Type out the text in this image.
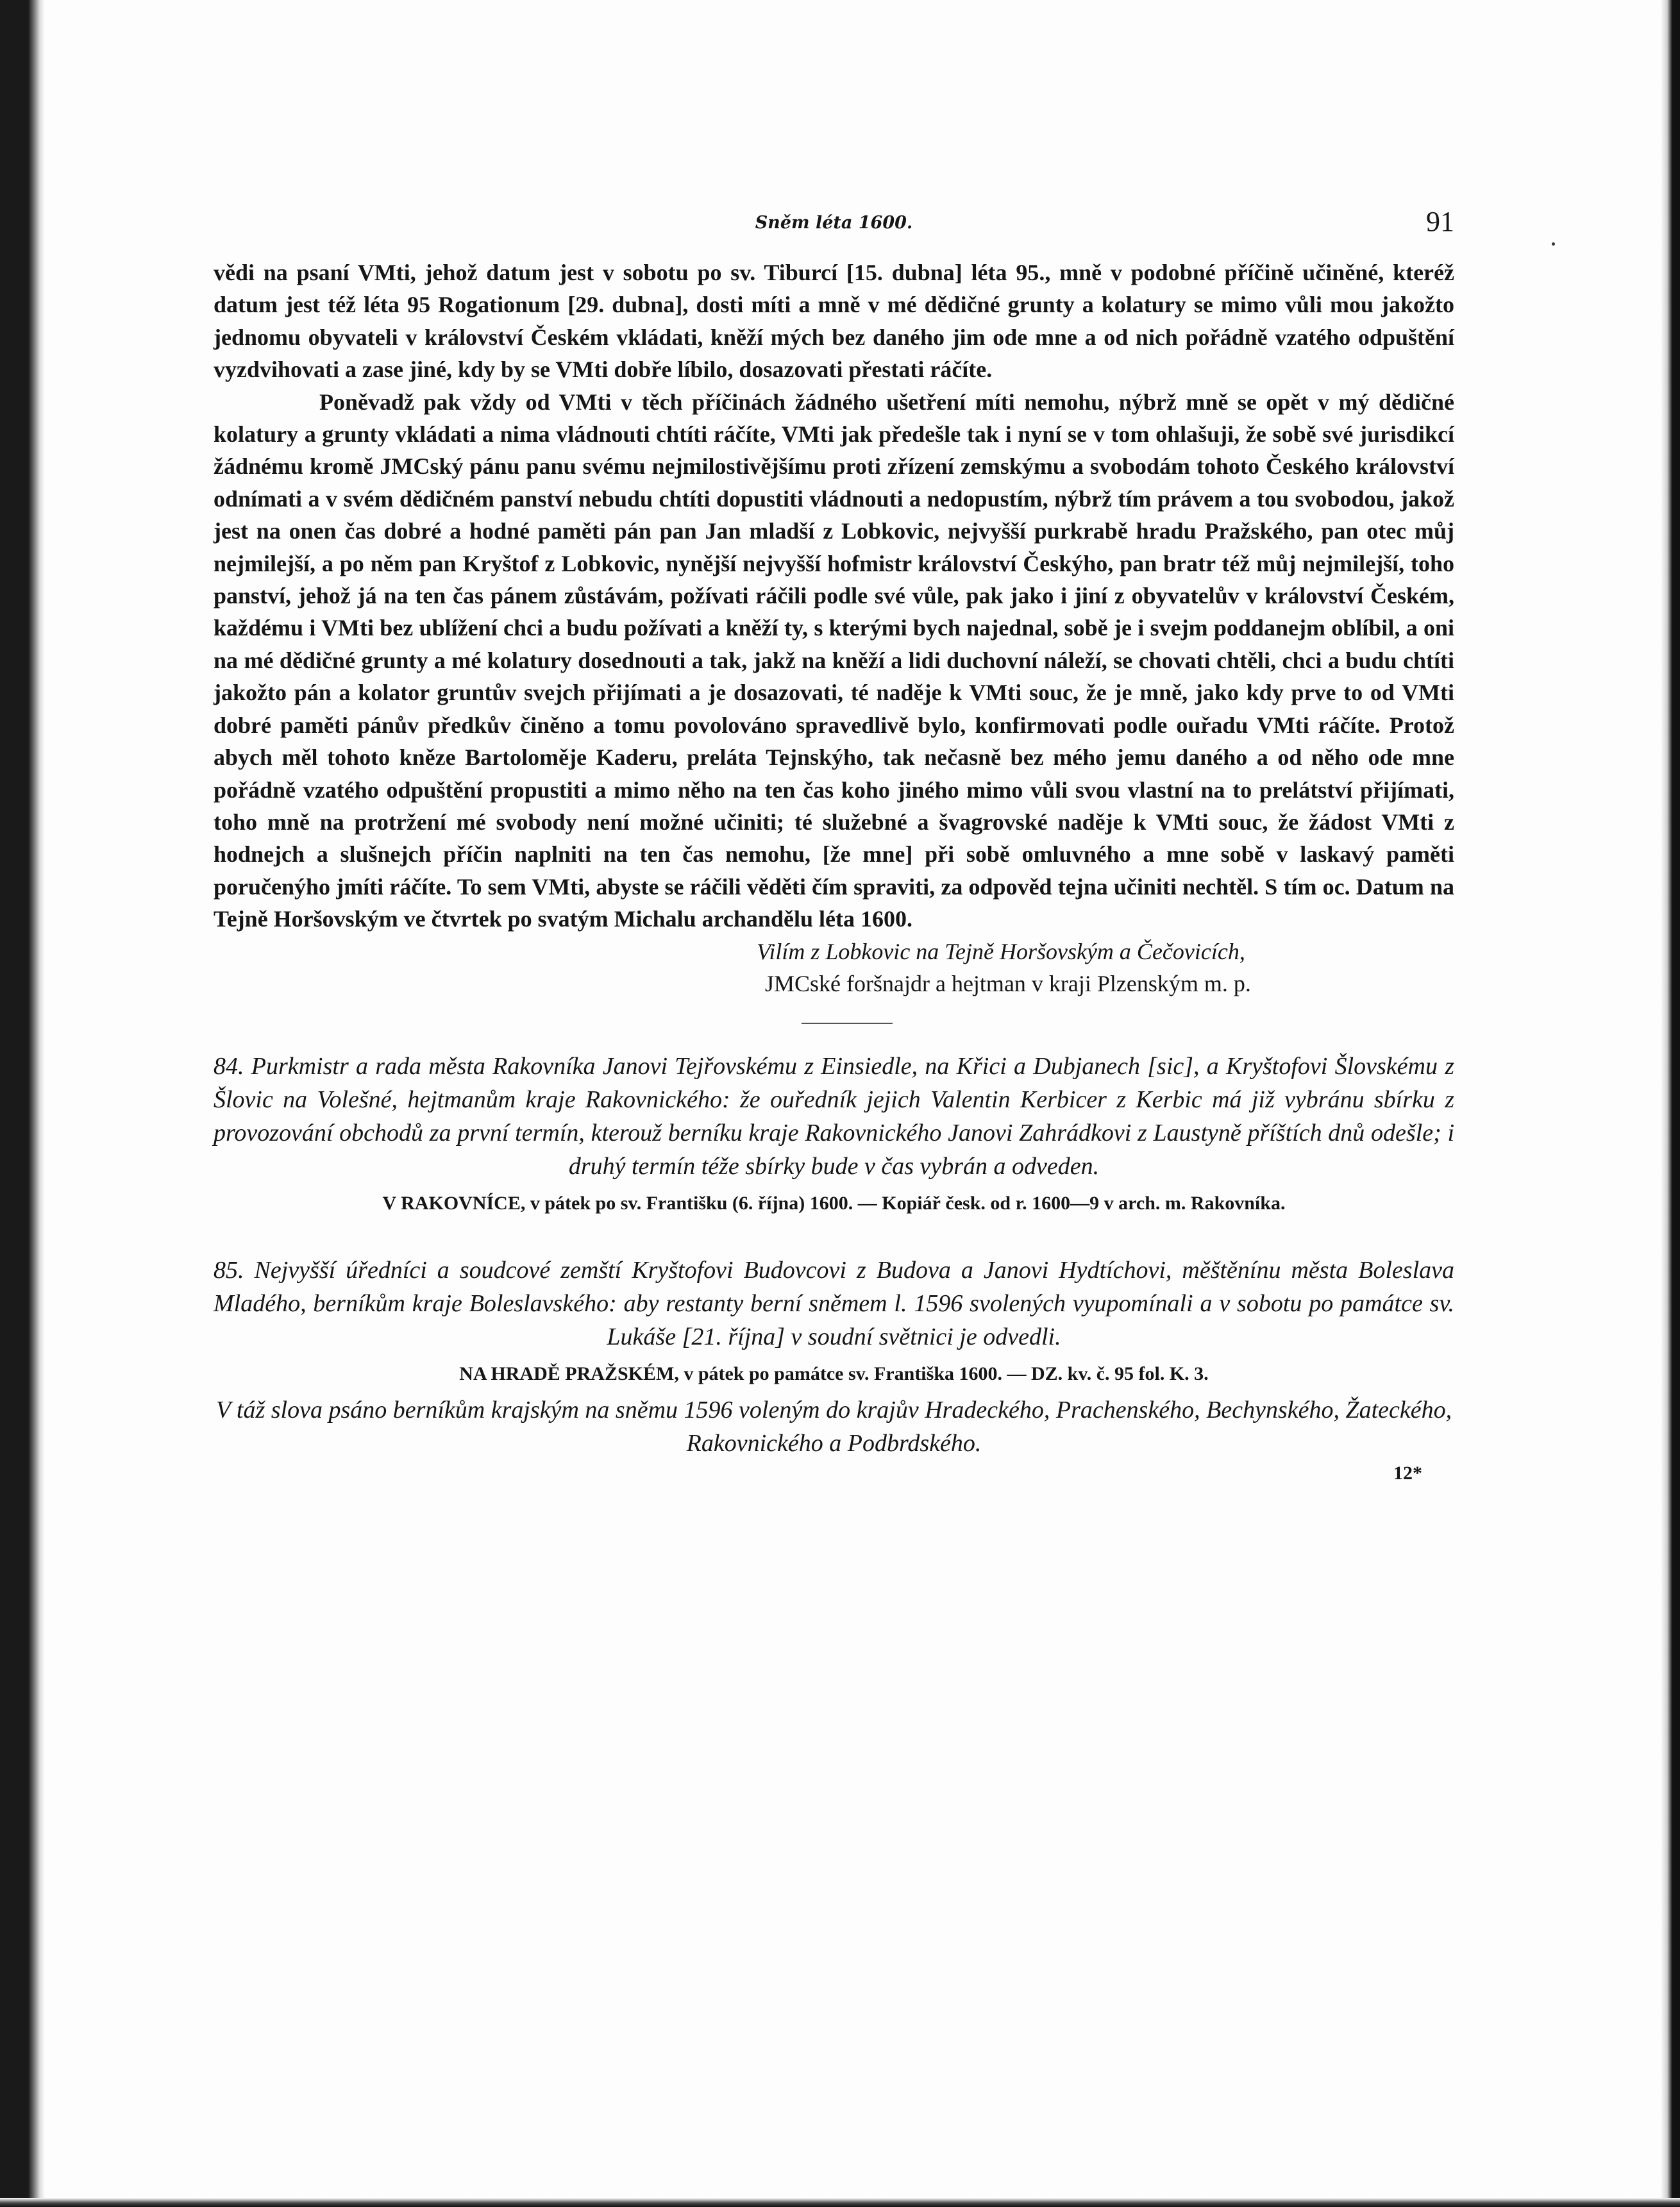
Sněm léta 1600.	91

vědi na psaní VMti, jehož datum jest v sobotu po sv. Tiburcí [15. dubna] léta 95., mně v podobné příčině učiněné, kteréž datum jest též léta 95 Rogationum [29. dubna], dosti míti a mně v mé dědičné grunty a kolatury se mimo vůli mou jakožto jednomu obyvateli v království Českém vkládati, kněží mých bez daného jim ode mne a od nich pořádně vzatého odpuštění vyzdvihovati a zase jiné, kdy by se VMti dobře líbilo, dosazovati přestati ráčíte.

Poněvadž pak vždy od VMti v těch příčinách žádného ušetření míti nemohu, nýbrž mně se opět v mý dědičné kolatury a grunty vkládati a nima vládnouti chtíti ráčíte, VMti jak předešle tak i nyní se v tom ohlašuji, že sobě své jurisdikcí žádnému kromě JMCský pánu panu svému nejmilostivějšímu proti zřízení zemskýmu a svobodám tohoto Českého království odnímati a v svém dědičném panství nebudu chtíti dopustiti vládnouti a nedopustím, nýbrž tím právem a tou svobodou, jakož jest na onen čas dobré a hodné paměti pán pan Jan mladší z Lobkovic, nejvyšší purkrabě hradu Pražského, pan otec můj nejmilejší, a po něm pan Kryštof z Lobkovic, nynější nejvyšší hofmistr království Českýho, pan bratr též můj nejmilejší, toho panství, jehož já na ten čas pánem zůstávám, požívati ráčili podle své vůle, pak jako i jiní z obyvatelův v království Českém, každému i VMti bez ublížení chci a budu požívati a kněží ty, s kterými bych najednal, sobě je i svejm poddanejm oblíbil, a oni na mé dědičné grunty a mé kolatury dosednouti a tak, jakž na kněží a lidi duchovní náleží, se chovati chtěli, chci a budu chtíti jakožto pán a kolator gruntův svejch přijímati a je dosazovati, té naděje k VMti souc, že je mně, jako kdy prve to od VMti dobré paměti pánův předkův činěno a tomu povolováno spravedlivě bylo, konfirmovati podle ouřadu VMti ráčíte. Protož abych měl tohoto kněze Bartoloměje Kaderu, preláta Tejnskýho, tak nečasně bez mého jemu daného a od něho ode mne pořádně vzatého odpuštění propustiti a mimo něho na ten čas koho jiného mimo vůli svou vlastní na to prelátství přijímati, toho mně na protržení mé svobody není možné učiniti; té služebné a švagrovské naděje k VMti souc, že žádost VMti z hodnejch a slušnejch příčin naplniti na ten čas nemohu, [že mne] při sobě omluvného a mne sobě v laskavý paměti poručenýho jmíti ráčíte. To sem VMti, abyste se ráčili věděti čím spraviti, za odpověd tejna učiniti nechtěl. S tím oc. Datum na Tejně Horšovským ve čtvrtek po svatým Michalu archandělu léta 1600.

Vilím z Lobkovic na Tejně Horšovským a Čečovicích,

JMCské foršnajdr a hejtman v kraji Plzenským m. p.

84. Purkmistr a rada města Rakovníka Janovi Tejřovskému z Einsiedle, na Křici a Dubjanech [sic], a Kryštofovi Šlovskému z Šlovic na Volešné, hejtmanům kraje Rakovnického: že ouředník jejich Valentin Kerbicer z Kerbic má již vybránu sbírku z provozování obchodů za první termín, kterouž berníku kraje Rakovnického Janovi Zahrádkovi z Laustyně příštích dnů odešle; i druhý termín téže sbírky bude v čas vybrán a odveden.

V RAKOVNÍCE, v pátek po sv. Františku (6. října) 1600. — Kopiář česk. od r. 1600—9 v arch. m. Rakovníka.

85. Nejvyšší úředníci a soudcové zemští Kryštofovi Budovcovi z Budova a Janovi Hydtíchovi, měštěnínu města Boleslava Mladého, berníkům kraje Boleslavského: aby restanty berní sněmem l. 1596 svolených vyupomínali a v sobotu po památce sv. Lukáše [21. října] v soudní světnici je odvedli.

NA HRADĚ PRAŽSKÉM, v pátek po památce sv. Františka 1600. — DZ. kv. č. 95 fol. K. 3.

V táž slova psáno berníkům krajským na sněmu 1596 voleným do krajův Hradeckého, Prachenského, Bechynského, Žateckého, Rakovnického a Podbrdského.

12*
